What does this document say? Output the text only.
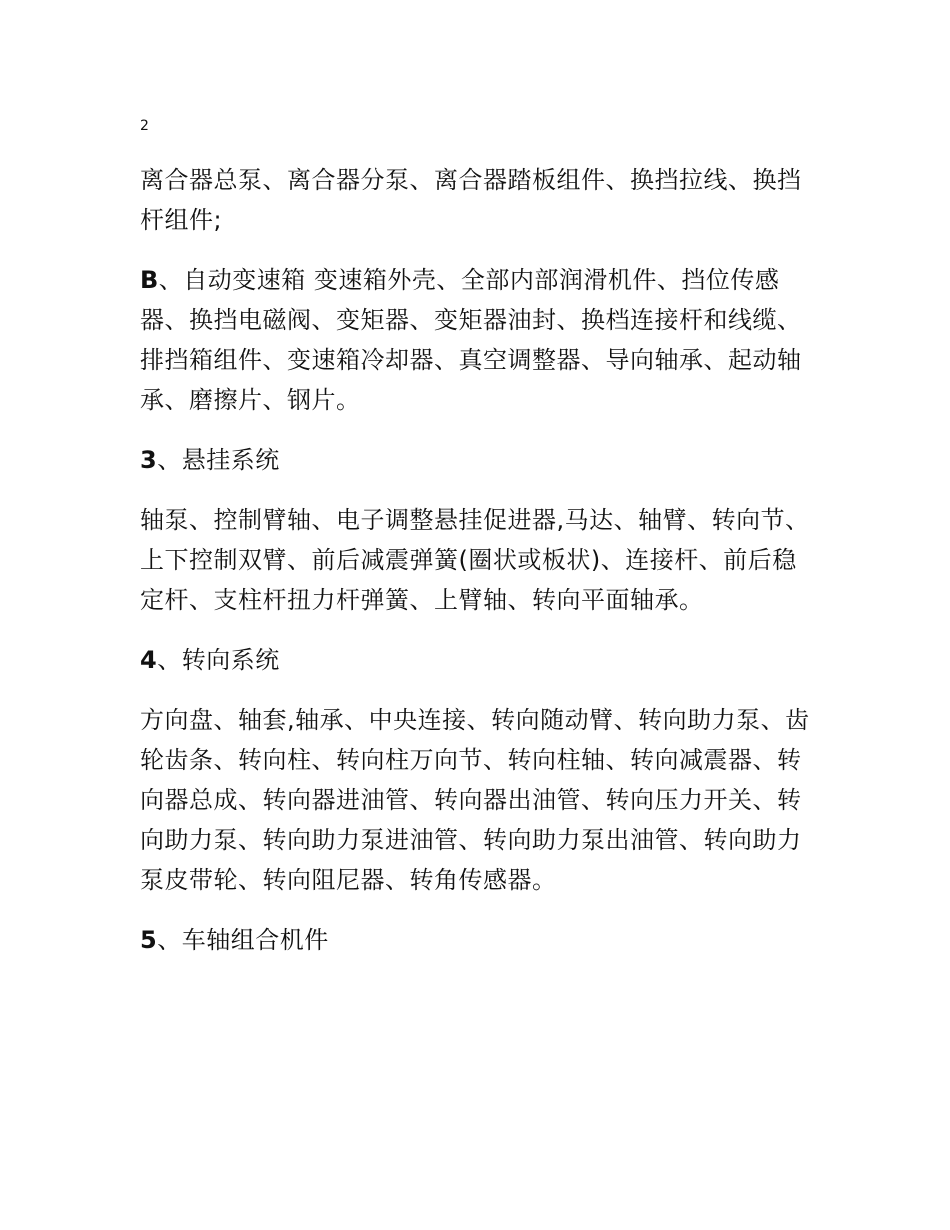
2

离合器总泵、离合器分泵、离合器踏板组件、换挡拉线、换挡杆组件;

B、自动变速箱 变速箱外壳、全部内部润滑机件、挡位传感器、换挡电磁阀、变矩器、变矩器油封、换档连接杆和线缆、排挡箱组件、变速箱冷却器、真空调整器、导向轴承、起动轴承、磨擦片、钢片。

3、悬挂系统

轴泵、控制臂轴、电子调整悬挂促进器,马达、轴臂、转向节、上下控制双臂、前后减震弹簧(圈状或板状)、连接杆、前后稳定杆、支柱杆扭力杆弹簧、上臂轴、转向平面轴承。

4、转向系统

方向盘、轴套,轴承、中央连接、转向随动臂、转向助力泵、齿轮齿条、转向柱、转向柱万向节、转向柱轴、转向减震器、转向器总成、转向器进油管、转向器出油管、转向压力开关、转向助力泵、转向助力泵进油管、转向助力泵出油管、转向助力泵皮带轮、转向阻尼器、转角传感器。

5、车轴组合机件
